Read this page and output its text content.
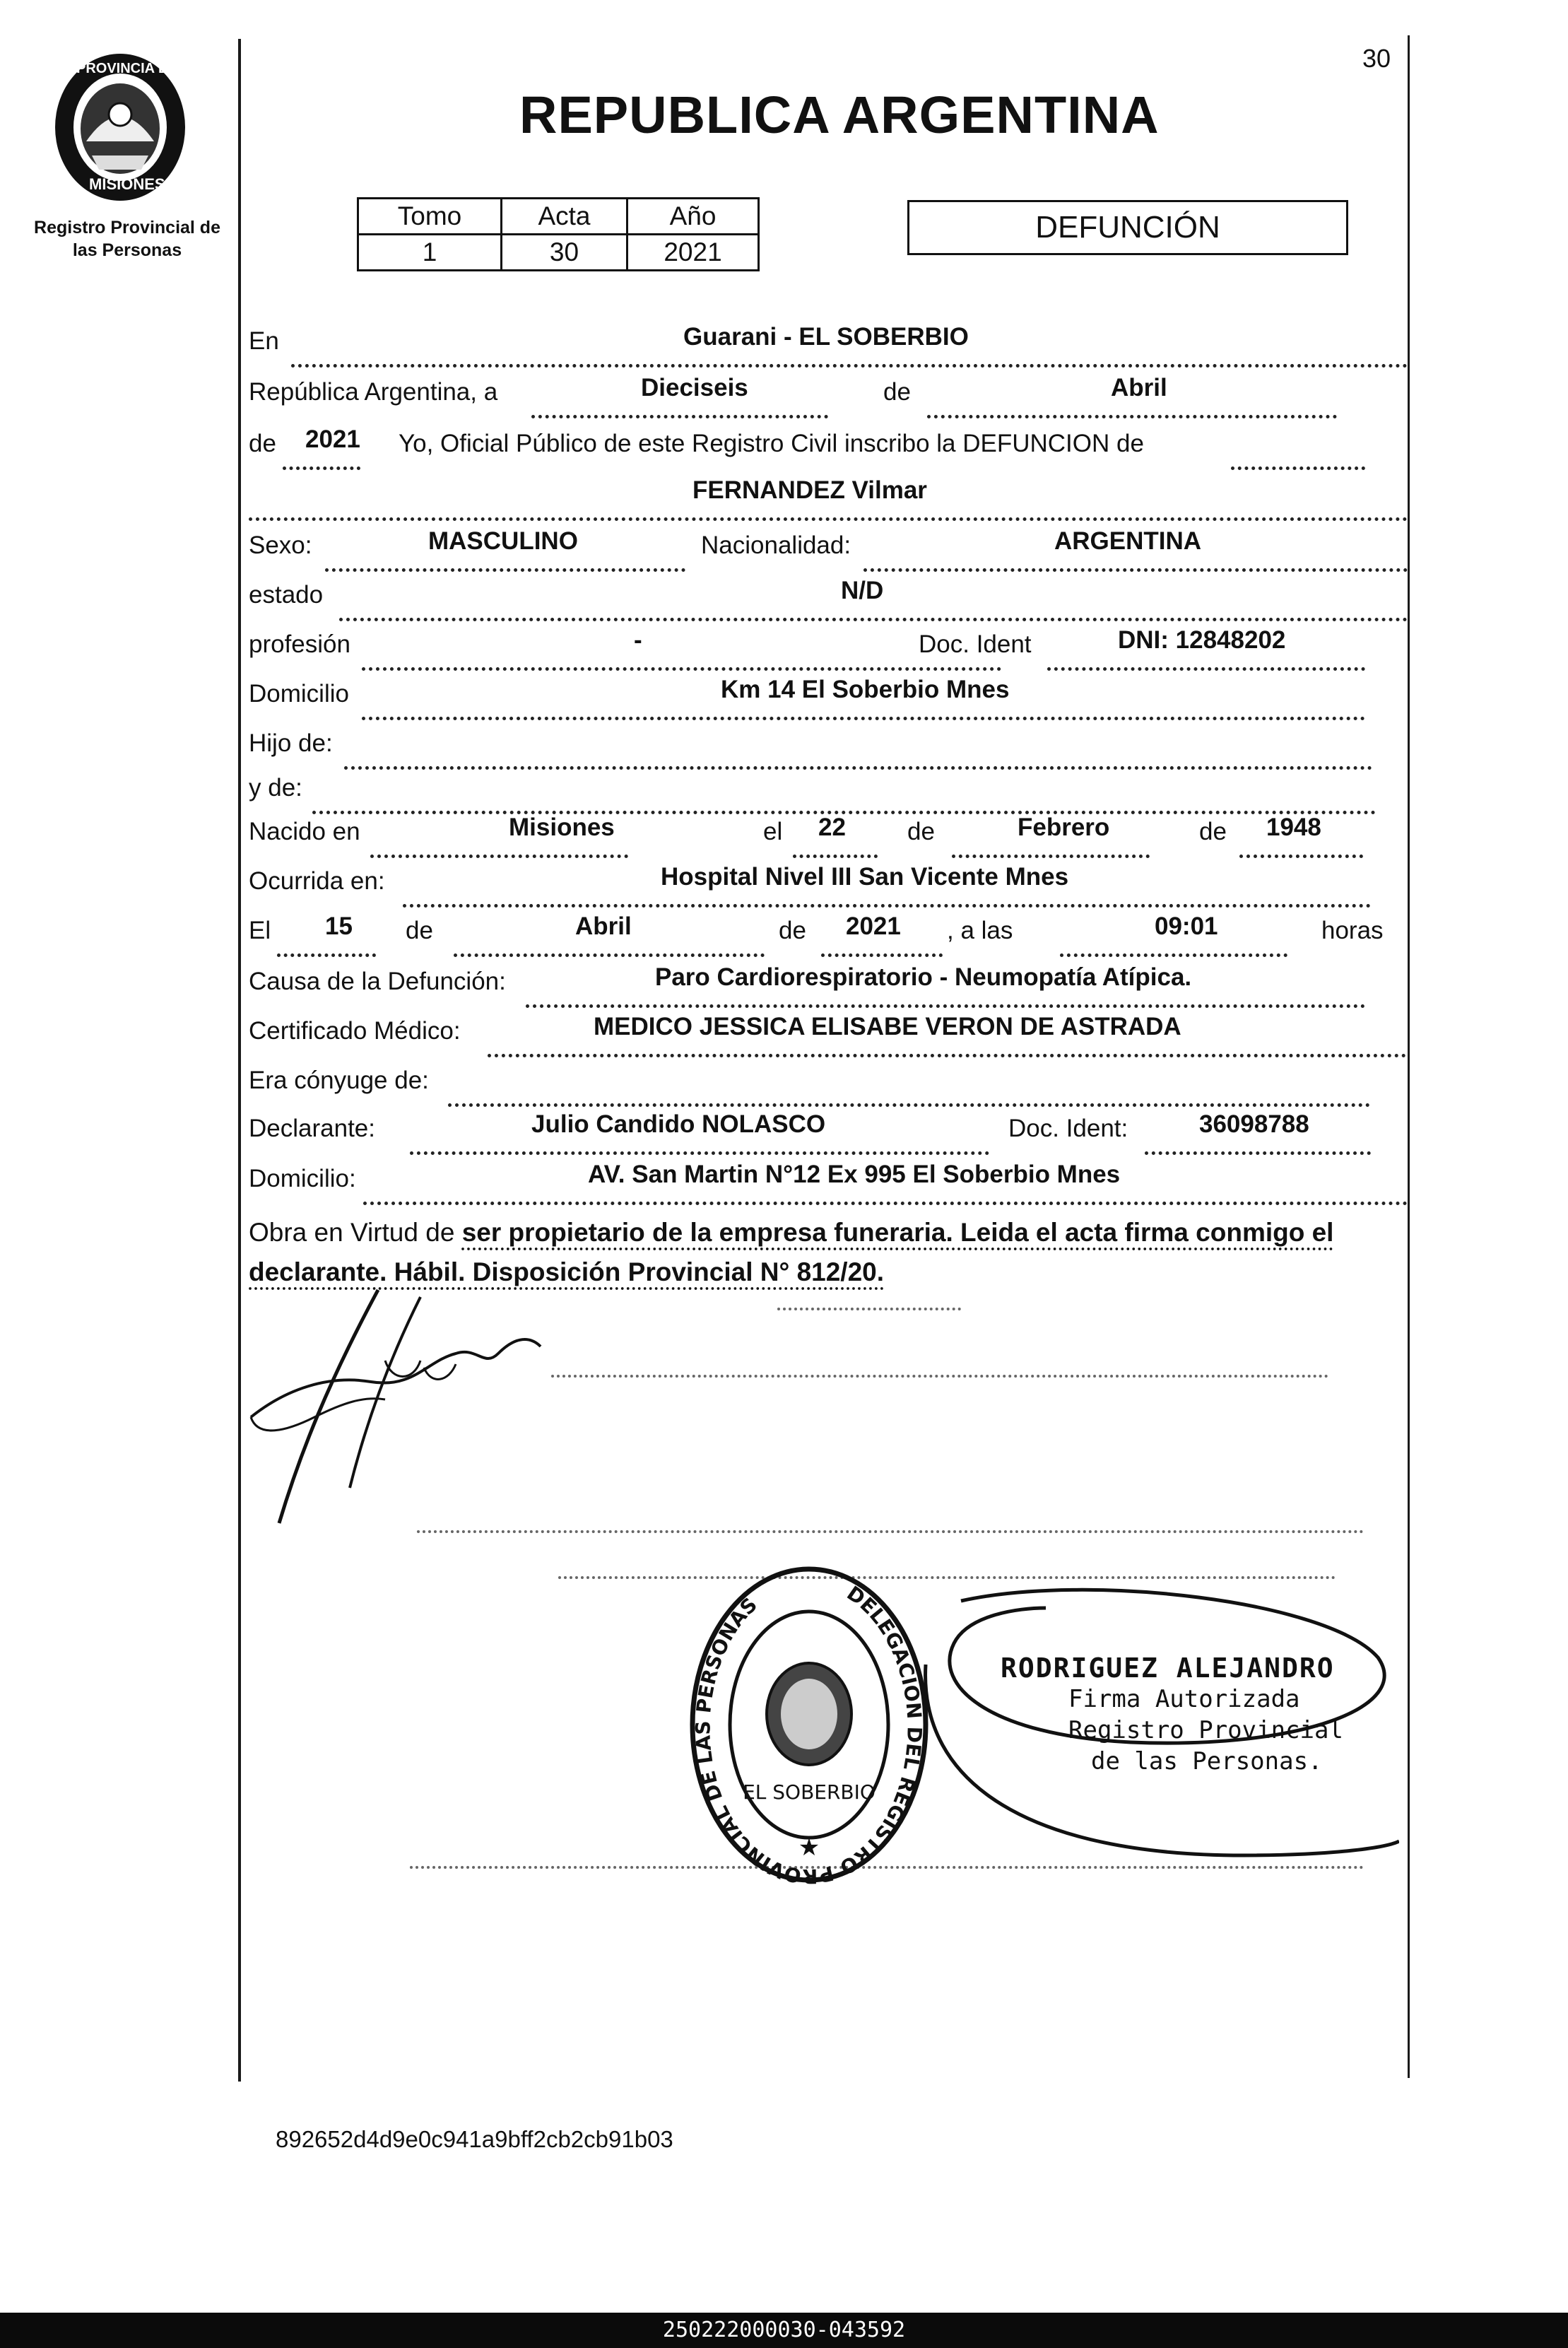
PROVINCIA DE
MISIONES
Registro Provincial de
las Personas
30
REPUBLICA ARGENTINA
Tomo	Acta	Año
1	30	2021
DEFUNCIÓN
En	Guarani - EL SOBERBIO
República Argentina, a	Dieciseis	de	Abril
de 2021 Yo, Oficial Público de este Registro Civil inscribo la DEFUNCION de
FERNANDEZ Vilmar
Sexo:	MASCULINO	Nacionalidad:	ARGENTINA
estado	N/D
profesión	-	Doc. Ident	DNI: 12848202
Domicilio	Km 14 El Soberbio Mnes
Hijo de:
y de:
Nacido en	Misiones	el 22 de	Febrero	de 1948
Ocurrida en:	Hospital Nivel III San Vicente Mnes
El 15 de	Abril	de 2021 , a las	09:01	horas
Causa de la Defunción:	Paro Cardiorespiratorio - Neumopatía Atípica.
Certificado Médico:	MEDICO JESSICA ELISABE VERON DE ASTRADA
Era cónyuge de:
Declarante:	Julio Candido NOLASCO	Doc. Ident:	36098788
Domicilio:	AV. San Martin N°12 Ex 995 El Soberbio Mnes
Obra en Virtud de ser propietario de la empresa funeraria. Leida el acta firma conmigo el declarante. Hábil. Disposición Provincial N° 812/20.
DELEGACION DEL REGISTRO PROVINCIAL DE LAS PERSONAS
EL SOBERBIO
★
RODRIGUEZ ALEJANDRO
Firma Autorizada
Registro Provincial
de las Personas.
892652d4d9e0c941a9bff2cb2cb91b03
250222000030-043592
